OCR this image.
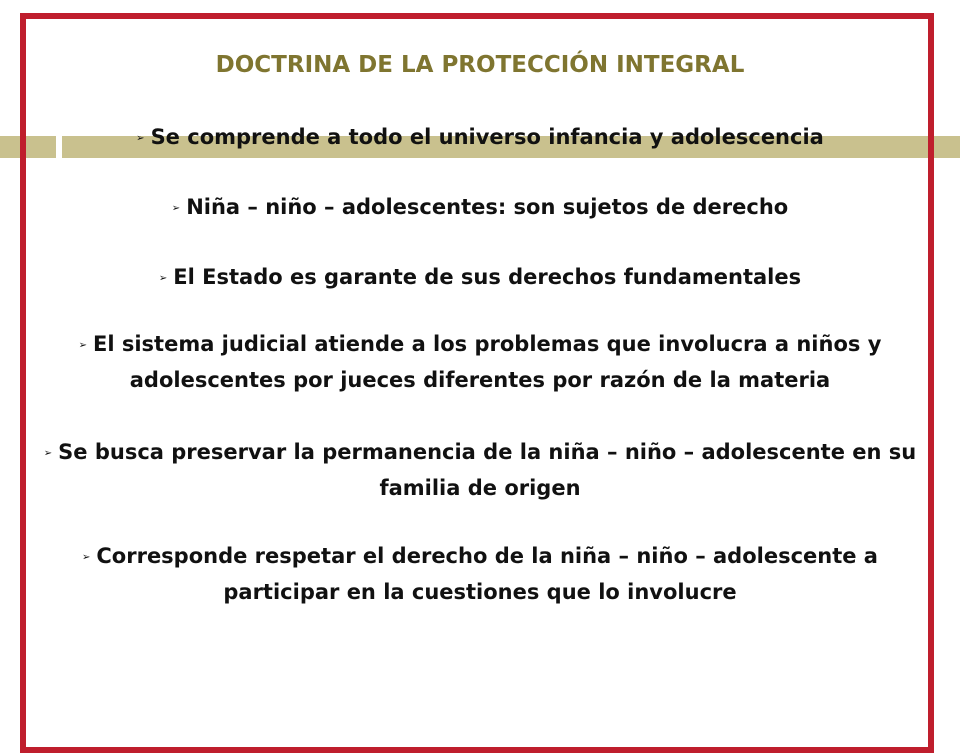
DOCTRINA DE LA PROTECCIÓN INTEGRAL
➢ Se comprende a todo el universo infancia y adolescencia
➢ Niña – niño – adolescentes: son sujetos de derecho
➢ El Estado es garante de sus derechos fundamentales
➢ El sistema judicial atiende a los problemas que involucra a niños y adolescentes por jueces diferentes por razón de la materia
➢ Se busca preservar la permanencia de la niña – niño – adolescente en su familia de origen
➢ Corresponde respetar el derecho de la niña – niño – adolescente a participar en la cuestiones que lo involucre
